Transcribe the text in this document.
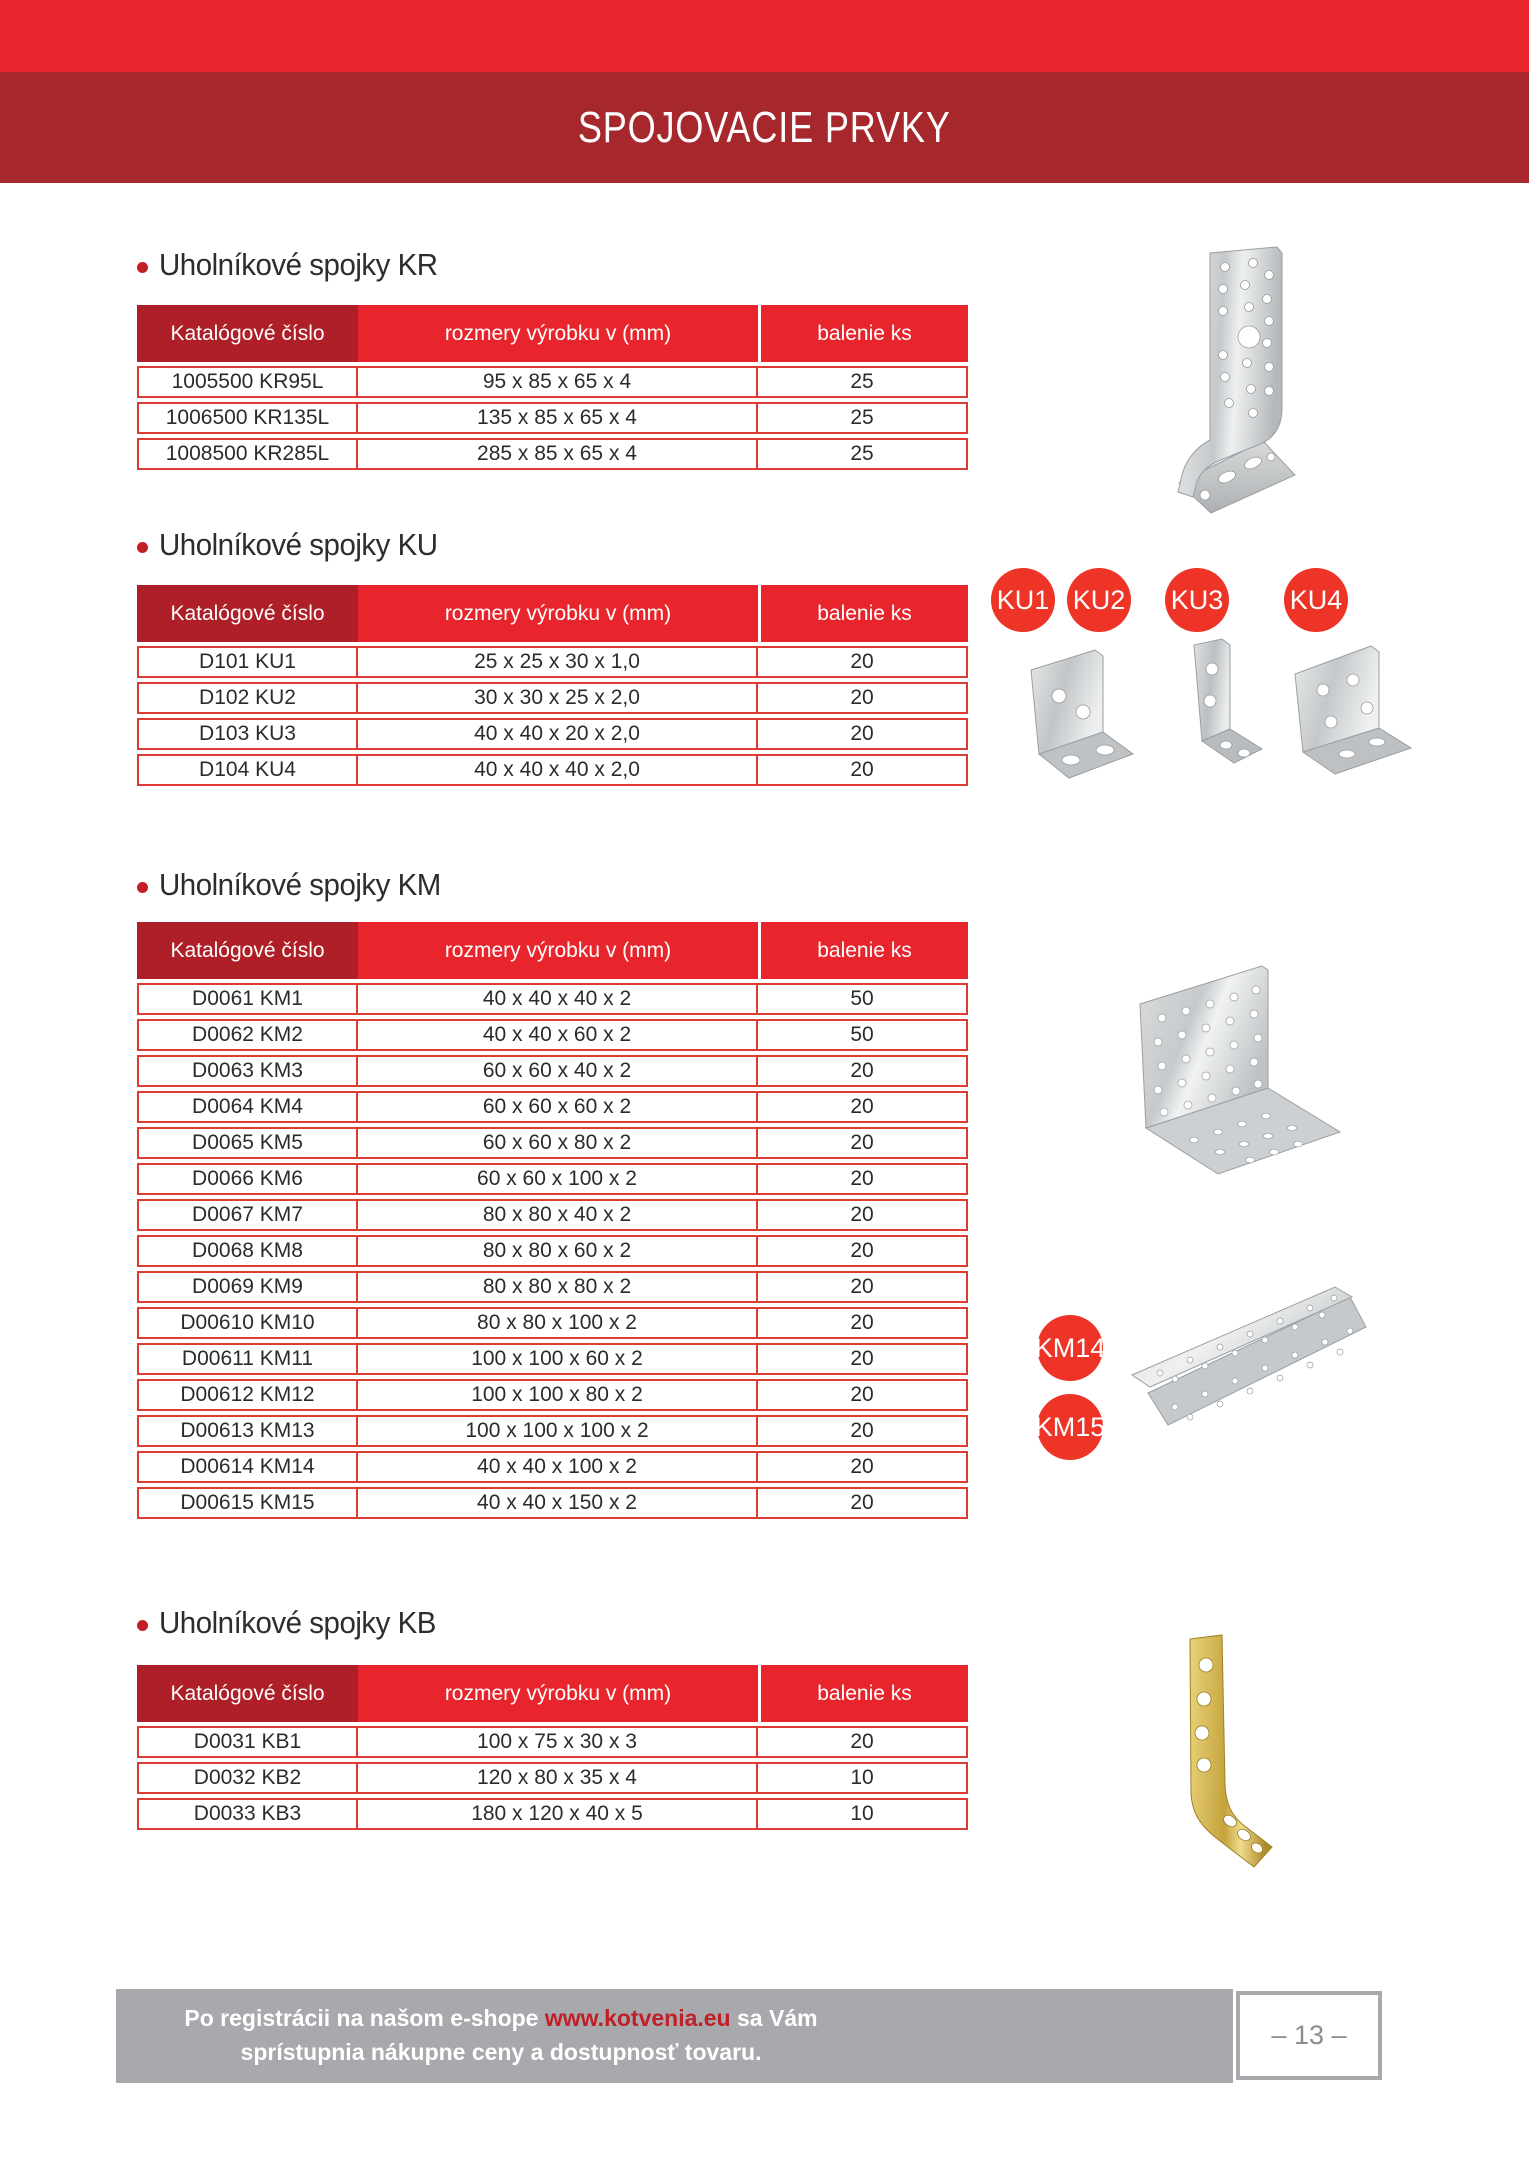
SPOJOVACIE PRVKY
Uholníkové spojky KR
Katalógové číslo	rozmery výrobku v (mm)	balenie ks
1005500 KR95L	95 x 85 x 65 x 4	25
1006500 KR135L	135 x 85 x 65 x 4	25
1008500 KR285L	285 x 85 x 65 x 4	25
Uholníkové spojky KU
Katalógové číslo	rozmery výrobku v (mm)	balenie ks
D101 KU1	25 x 25 x 30 x 1,0	20
D102 KU2	30 x 30 x 25 x 2,0	20
D103 KU3	40 x 40 x 20 x 2,0	20
D104 KU4	40 x 40 x 40 x 2,0	20
KU1 KU2 KU3 KU4
Uholníkové spojky KM
Katalógové číslo	rozmery výrobku v (mm)	balenie ks
D0061 KM1	40 x 40 x 40 x 2	50
D0062 KM2	40 x 40 x 60 x 2	50
D0063 KM3	60 x 60 x 40 x 2	20
D0064 KM4	60 x 60 x 60 x 2	20
D0065 KM5	60 x 60 x 80 x 2	20
D0066 KM6	60 x 60 x 100 x 2	20
D0067 KM7	80 x 80 x 40 x 2	20
D0068 KM8	80 x 80 x 60 x 2	20
D0069 KM9	80 x 80 x 80 x 2	20
D00610 KM10	80 x 80 x 100 x 2	20
D00611 KM11	100 x 100 x 60 x 2	20
D00612 KM12	100 x 100 x 80 x 2	20
D00613 KM13	100 x 100 x 100 x 2	20
D00614 KM14	40 x 40 x 100 x 2	20
D00615 KM15	40 x 40 x 150 x 2	20
KM14
KM15
Uholníkové spojky KB
Katalógové číslo	rozmery výrobku v (mm)	balenie ks
D0031 KB1	100 x 75 x 30 x 3	20
D0032 KB2	120 x 80 x 35 x 4	10
D0033 KB3	180 x 120 x 40 x 5	10
Po registrácii na našom e-shope www.kotvenia.eu sa Vám
sprístupnia nákupne ceny a dostupnosť tovaru.
– 13 –
